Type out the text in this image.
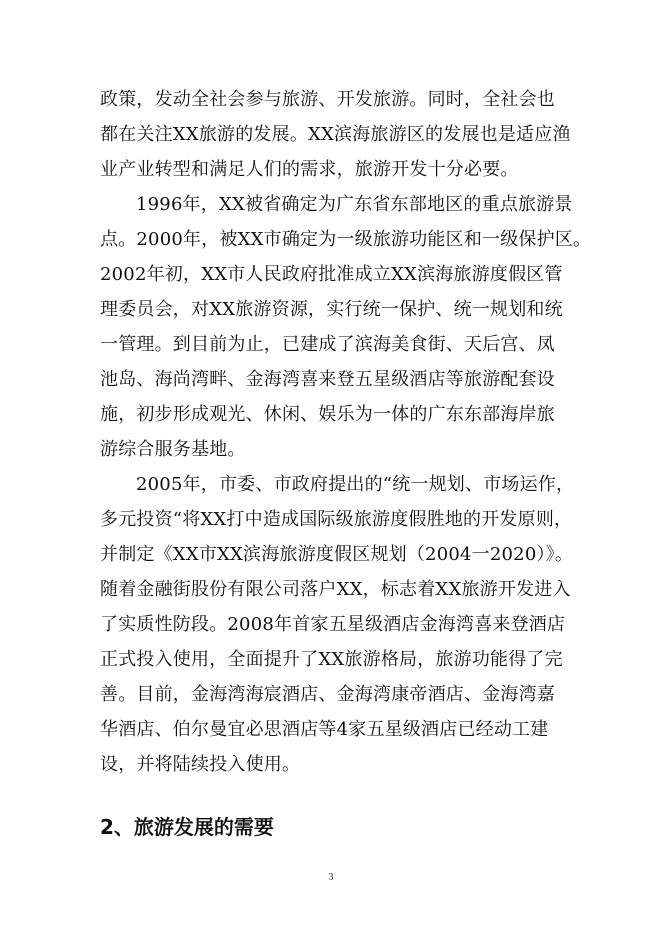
政策，发动全社会参与旅游、开发旅游。同时，全社会也
都在关注XX旅游的发展。XX滨海旅游区的发展也是适应渔
业产业转型和满足人们的需求，旅游开发十分必要。
1996年，XX被省确定为广东省东部地区的重点旅游景
点。2000年，被XX市确定为一级旅游功能区和一级保护区。
2002年初，XX市人民政府批准成立XX滨海旅游度假区管
理委员会，对XX旅游资源，实行统一保护、统一规划和统
一管理。到目前为止，已建成了滨海美食街、天后宫、凤
池岛、海尚湾畔、金海湾喜来登五星级酒店等旅游配套设
施，初步形成观光、休闲、娱乐为一体的广东东部海岸旅
游综合服务基地。
2005年，市委、市政府提出的“统一规划、市场运作，
多元投资“将XX打中造成国际级旅游度假胜地的开发原则，
并制定《XX市XX滨海旅游度假区规划（2004一2020）》。
随着金融街股份有限公司落户XX，标志着XX旅游开发进入
了实质性防段。2008年首家五星级酒店金海湾喜来登酒店
正式投入使用，全面提升了XX旅游格局，旅游功能得了完
善。目前，金海湾海宸酒店、金海湾康帝酒店、金海湾嘉
华酒店、伯尔曼宜必思酒店等4家五星级酒店已经动工建
设，并将陆续投入使用。
2、旅游发展的需要
3
